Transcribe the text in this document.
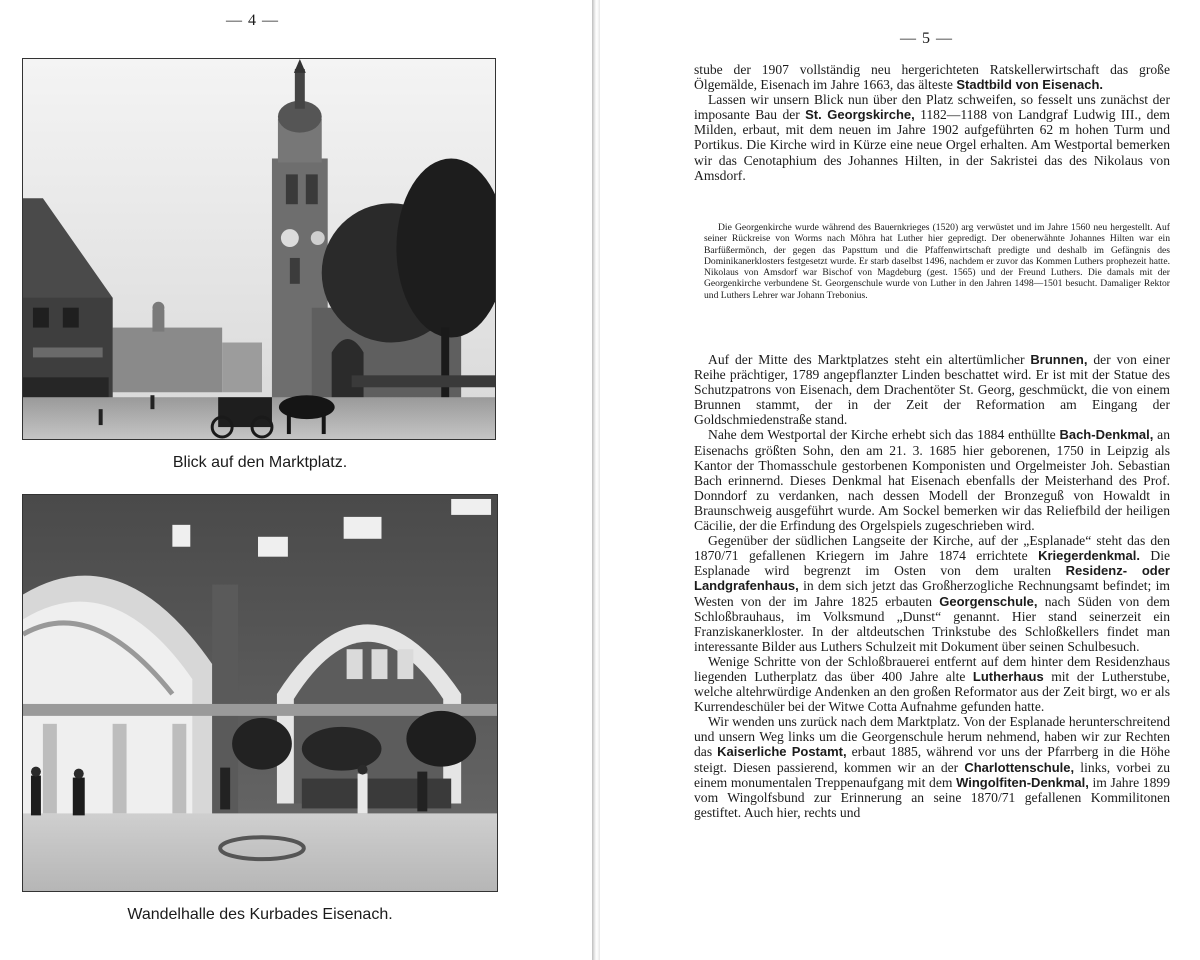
— 4 —
Blick auf den Marktplatz.
Wandelhalle des Kurbades Eisenach.
— 5 —

stube der 1907 vollständig neu hergerichteten Ratskellerwirtschaft das große Ölgemälde, Eisenach im Jahre 1663, das älteste Stadtbild von Eisenach.

Lassen wir unsern Blick nun über den Platz schweifen, so fesselt uns zunächst der imposante Bau der St. Georgskirche, 1182—1188 von Landgraf Ludwig III., dem Milden, erbaut, mit dem neuen im Jahre 1902 aufgeführten 62 m hohen Turm und Portikus. Die Kirche wird in Kürze eine neue Orgel erhalten. Am Westportal bemerken wir das Cenotaphium des Johannes Hilten, in der Sakristei das des Nikolaus von Amsdorf.

Die Georgenkirche wurde während des Bauernkrieges (1520) arg verwüstet und im Jahre 1560 neu hergestellt. Auf seiner Rückreise von Worms nach Möhra hat Luther hier gepredigt. Der obenerwähnte Johannes Hilten war ein Barfüßermönch, der gegen das Papsttum und die Pfaffenwirtschaft predigte und deshalb im Gefängnis des Dominikanerklosters festgesetzt wurde. Er starb daselbst 1496, nachdem er zuvor das Kommen Luthers prophezeit hatte. Nikolaus von Amsdorf war Bischof von Magdeburg (gest. 1565) und der Freund Luthers. Die damals mit der Georgenkirche verbundene St. Georgenschule wurde von Luther in den Jahren 1498—1501 besucht. Damaliger Rektor und Luthers Lehrer war Johann Trebonius.

Auf der Mitte des Marktplatzes steht ein altertümlicher Brunnen, der von einer Reihe prächtiger, 1789 angepflanzter Linden beschattet wird. Er ist mit der Statue des Schutzpatrons von Eisenach, dem Drachentöter St. Georg, geschmückt, die von einem Brunnen stammt, der in der Zeit der Reformation am Eingang der Goldschmiedenstraße stand.

Nahe dem Westportal der Kirche erhebt sich das 1884 enthüllte Bach-Denkmal, an Eisenachs größten Sohn, den am 21. 3. 1685 hier geborenen, 1750 in Leipzig als Kantor der Thomasschule gestorbenen Komponisten und Orgelmeister Joh. Sebastian Bach erinnernd. Dieses Denkmal hat Eisenach ebenfalls der Meisterhand des Prof. Donndorf zu verdanken, nach dessen Modell der Bronzeguß von Howaldt in Braunschweig ausgeführt wurde. Am Sockel bemerken wir das Reliefbild der heiligen Cäcilie, der die Erfindung des Orgelspiels zugeschrieben wird.

Gegenüber der südlichen Langseite der Kirche, auf der „Esplanade“ steht das den 1870/71 gefallenen Kriegern im Jahre 1874 errichtete Kriegerdenkmal. Die Esplanade wird begrenzt im Osten von dem uralten Residenz- oder Landgrafenhaus, in dem sich jetzt das Großherzogliche Rechnungsamt befindet; im Westen von der im Jahre 1825 erbauten Georgenschule, nach Süden von dem Schloßbrauhaus, im Volksmund „Dunst“ genannt. Hier stand seinerzeit ein Franziskanerkloster. In der altdeutschen Trinkstube des Schloßkellers findet man interessante Bilder aus Luthers Schulzeit mit Dokument über seinen Schulbesuch.

Wenige Schritte von der Schloßbrauerei entfernt auf dem hinter dem Residenzhaus liegenden Lutherplatz das über 400 Jahre alte Lutherhaus mit der Lutherstube, welche altehrwürdige Andenken an den großen Reformator aus der Zeit birgt, wo er als Kurrendeschüler bei der Witwe Cotta Aufnahme gefunden hatte.

Wir wenden uns zurück nach dem Marktplatz. Von der Esplanade herunterschreitend und unsern Weg links um die Georgenschule herum nehmend, haben wir zur Rechten das Kaiserliche Postamt, erbaut 1885, während vor uns der Pfarrberg in die Höhe steigt. Diesen passierend, kommen wir an der Charlottenschule, links, vorbei zu einem monumentalen Treppenaufgang mit dem Wingolfiten-Denkmal, im Jahre 1899 vom Wingolfsbund zur Erinnerung an seine 1870/71 gefallenen Kommilitonen gestiftet. Auch hier, rechts und
